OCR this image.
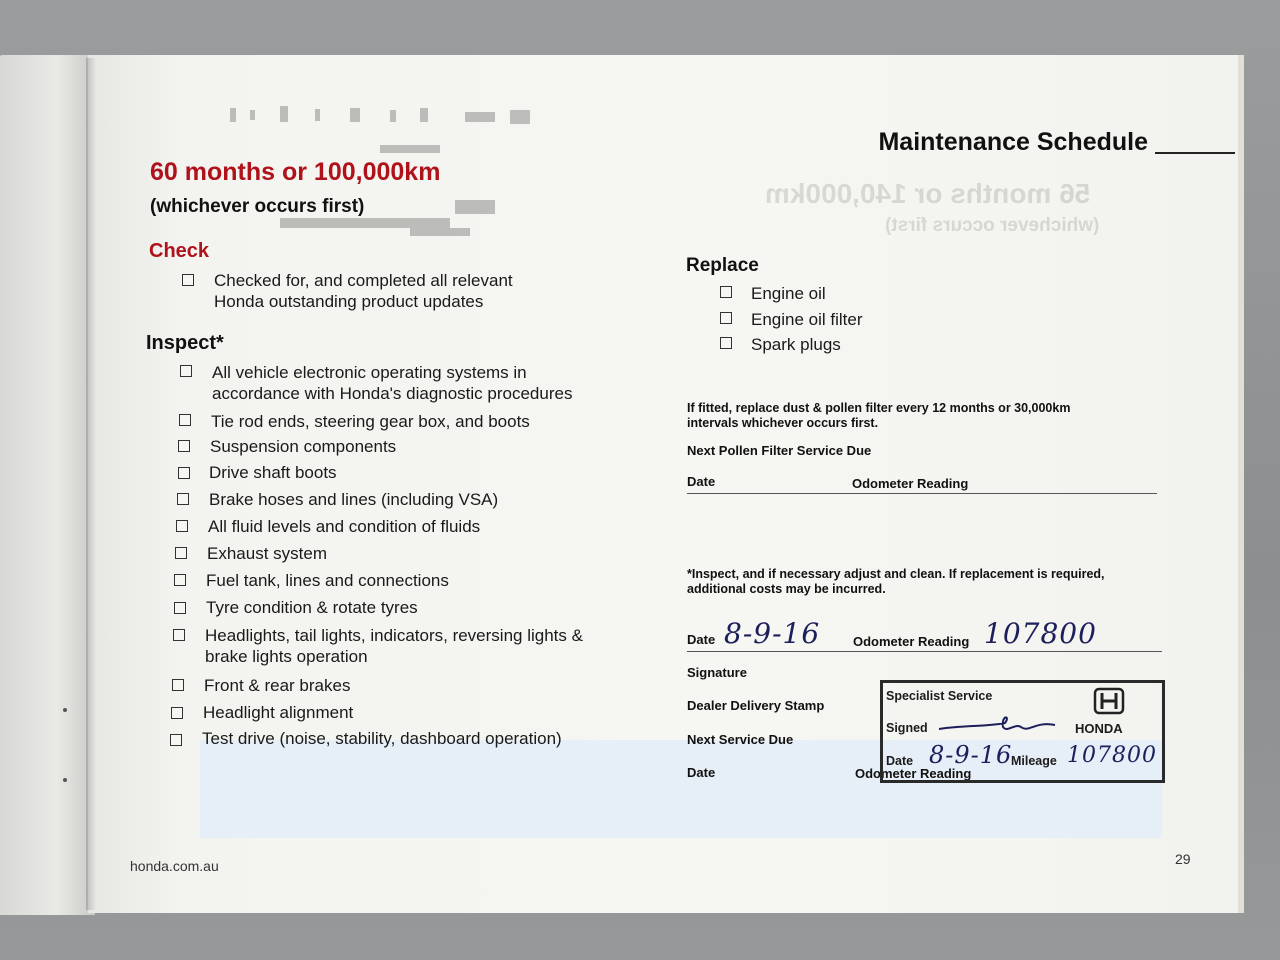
56 months or 140,000km
(whichever occurs first)
Maintenance Schedule
60 months or 100,000km
(whichever occurs first)
Check
Checked for, and completed all relevant
Honda outstanding product updates
Inspect*
All vehicle electronic operating systems in
accordance with Honda's diagnostic procedures
Tie rod ends, steering gear box, and boots
Suspension components
Drive shaft boots
Brake hoses and lines (including VSA)
All fluid levels and condition of fluids
Exhaust system
Fuel tank, lines and connections
Tyre condition & rotate tyres
Headlights, tail lights, indicators, reversing lights &
brake lights operation
Front & rear brakes
Headlight alignment
Test drive (noise, stability, dashboard operation)
Replace
Engine oil
Engine oil filter
Spark plugs
If fitted, replace dust & pollen filter every 12 months or 30,000km
intervals whichever occurs first.
Next Pollen Filter Service Due
Date	Odometer Reading
*Inspect, and if necessary adjust and clean. If replacement is required,
additional costs may be incurred.
Date 8-9-16	Odometer Reading 107800
Signature
Dealer Delivery Stamp
Next Service Due
Date	Odometer Reading
Specialist Service
Signed	HONDA
Date 8-9-16
Mileage 107800
honda.com.au	29
